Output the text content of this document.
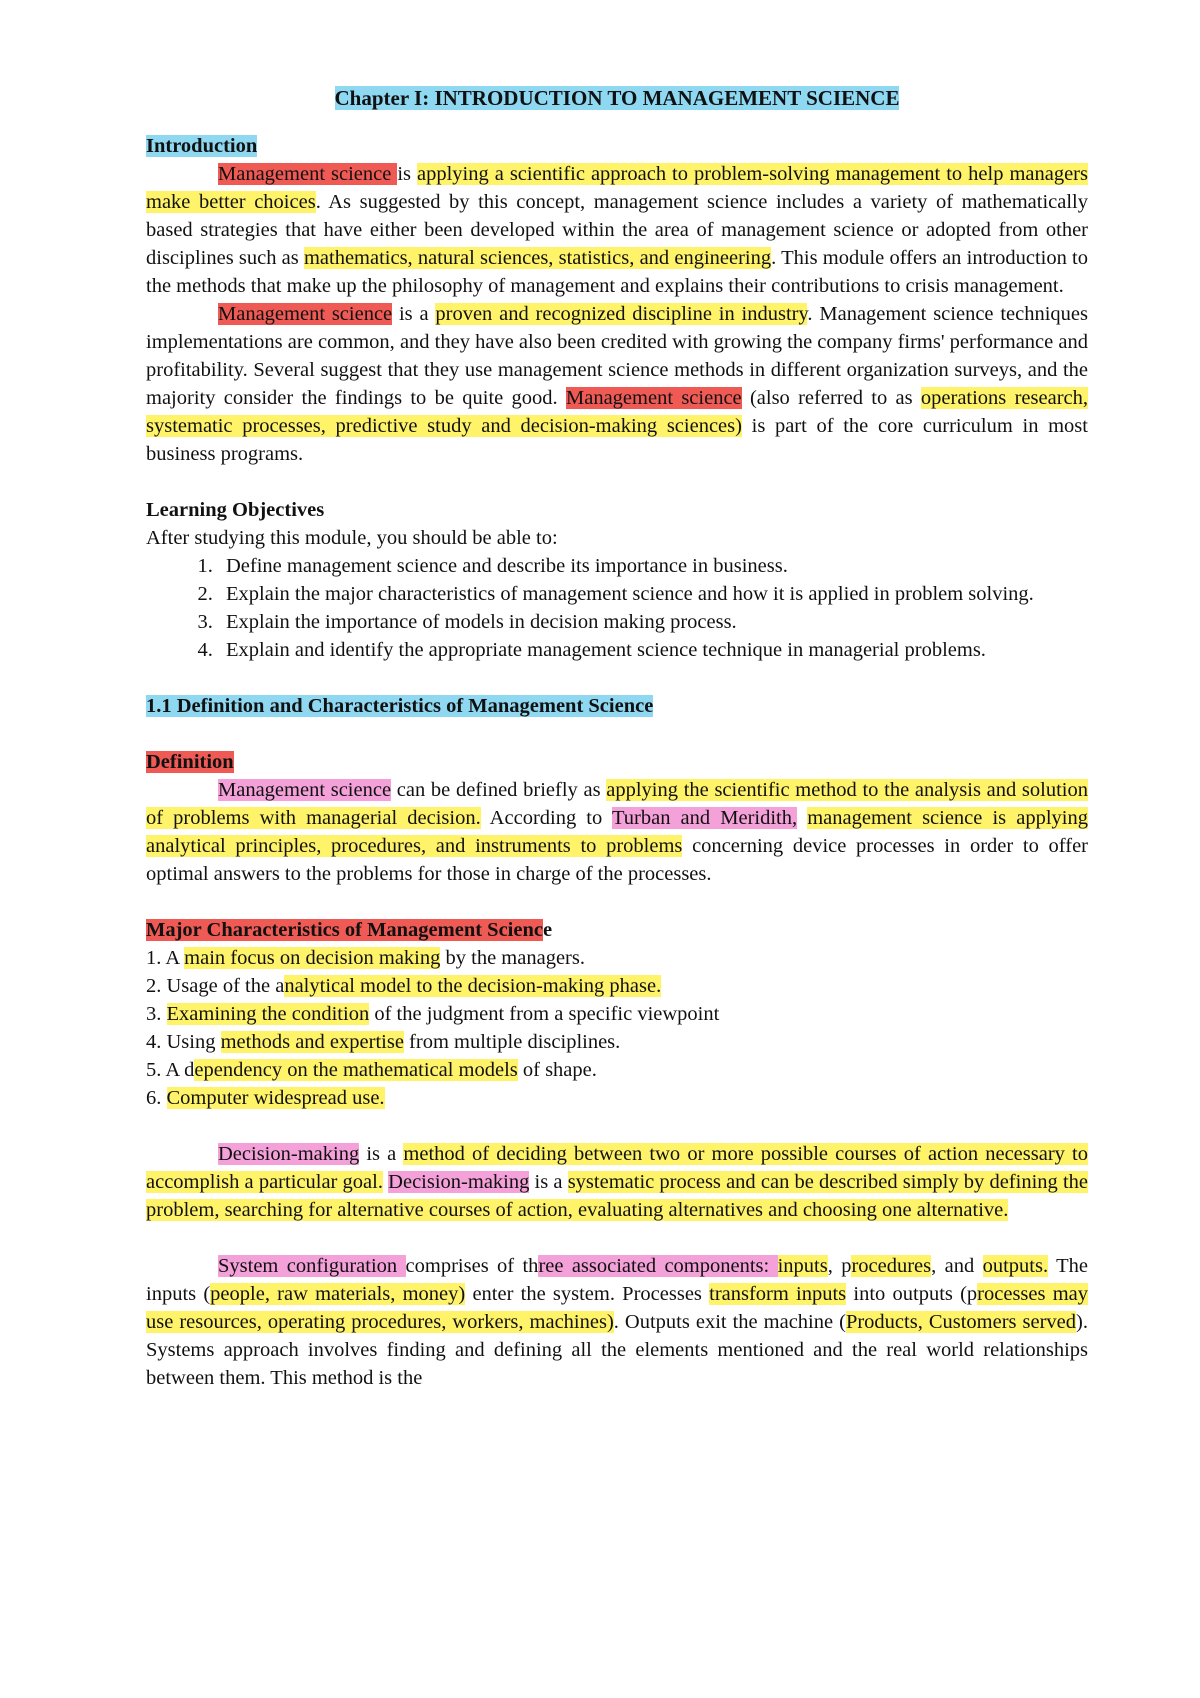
Chapter I: INTRODUCTION TO MANAGEMENT SCIENCE

Introduction

Management science is applying a scientific approach to problem-solving management to help managers make better choices. As suggested by this concept, management science includes a variety of mathematically based strategies that have either been developed within the area of management science or adopted from other disciplines such as mathematics, natural sciences, statistics, and engineering. This module offers an introduction to the methods that make up the philosophy of management and explains their contributions to crisis management.

Management science is a proven and recognized discipline in industry. Management science techniques implementations are common, and they have also been credited with growing the company firms' performance and profitability. Several suggest that they use management science methods in different organization surveys, and the majority consider the findings to be quite good. Management science (also referred to as operations research, systematic processes, predictive study and decision-making sciences) is part of the core curriculum in most business programs.

Learning Objectives

After studying this module, you should be able to:

1. Define management science and describe its importance in business.
2. Explain the major characteristics of management science and how it is applied in problem solving.
3. Explain the importance of models in decision making process.
4. Explain and identify the appropriate management science technique in managerial problems.

1.1 Definition and Characteristics of Management Science

Definition

Management science can be defined briefly as applying the scientific method to the analysis and solution of problems with managerial decision. According to Turban and Meridith, management science is applying analytical principles, procedures, and instruments to problems concerning device processes in order to offer optimal answers to the problems for those in charge of the processes.

Major Characteristics of Management Science

1. A main focus on decision making by the managers.
2. Usage of the analytical model to the decision-making phase.
3. Examining the condition of the judgment from a specific viewpoint
4. Using methods and expertise from multiple disciplines.
5. A dependency on the mathematical models of shape.
6. Computer widespread use.

Decision-making is a method of deciding between two or more possible courses of action necessary to accomplish a particular goal. Decision-making is a systematic process and can be described simply by defining the problem, searching for alternative courses of action, evaluating alternatives and choosing one alternative.

System configuration comprises of three associated components: inputs, procedures, and outputs. The inputs (people, raw materials, money) enter the system. Processes transform inputs into outputs (processes may use resources, operating procedures, workers, machines). Outputs exit the machine (Products, Customers served). Systems approach involves finding and defining all the elements mentioned and the real world relationships between them. This method is the
